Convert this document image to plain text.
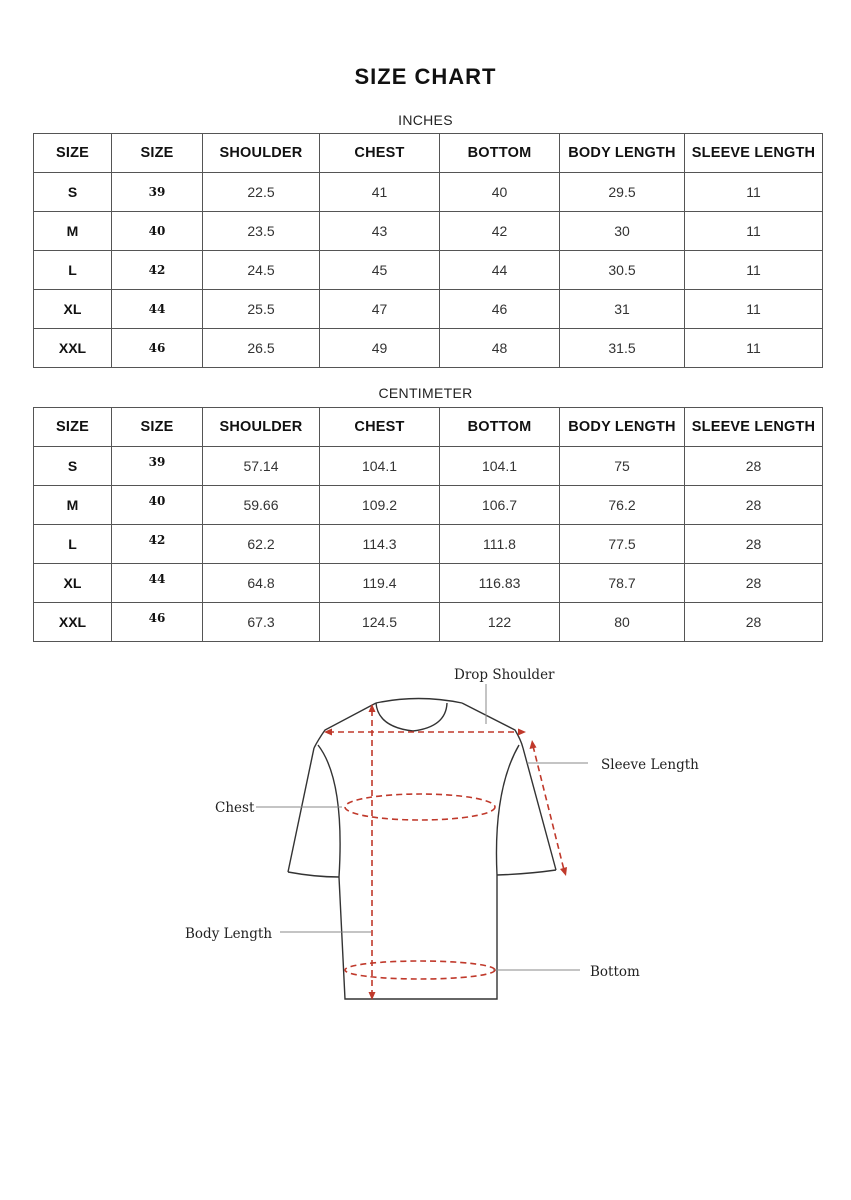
SIZE CHART
INCHES
SIZE	SIZE	SHOULDER	CHEST	BOTTOM	BODY LENGTH	SLEEVE LENGTH
S	39	22.5	41	40	29.5	11
M	40	23.5	43	42	30	11
L	42	24.5	45	44	30.5	11
XL	44	25.5	47	46	31	11
XXL	46	26.5	49	48	31.5	11
CENTIMETER
SIZE	SIZE	SHOULDER	CHEST	BOTTOM	BODY LENGTH	SLEEVE LENGTH
S	39	57.14	104.1	104.1	75	28
M	40	59.66	109.2	106.7	76.2	28
L	42	62.2	114.3	111.8	77.5	28
XL	44	64.8	119.4	116.83	78.7	28
XXL	46	67.3	124.5	122	80	28
Drop Shoulder
Sleeve Length
Chest
Body Length
Bottom
